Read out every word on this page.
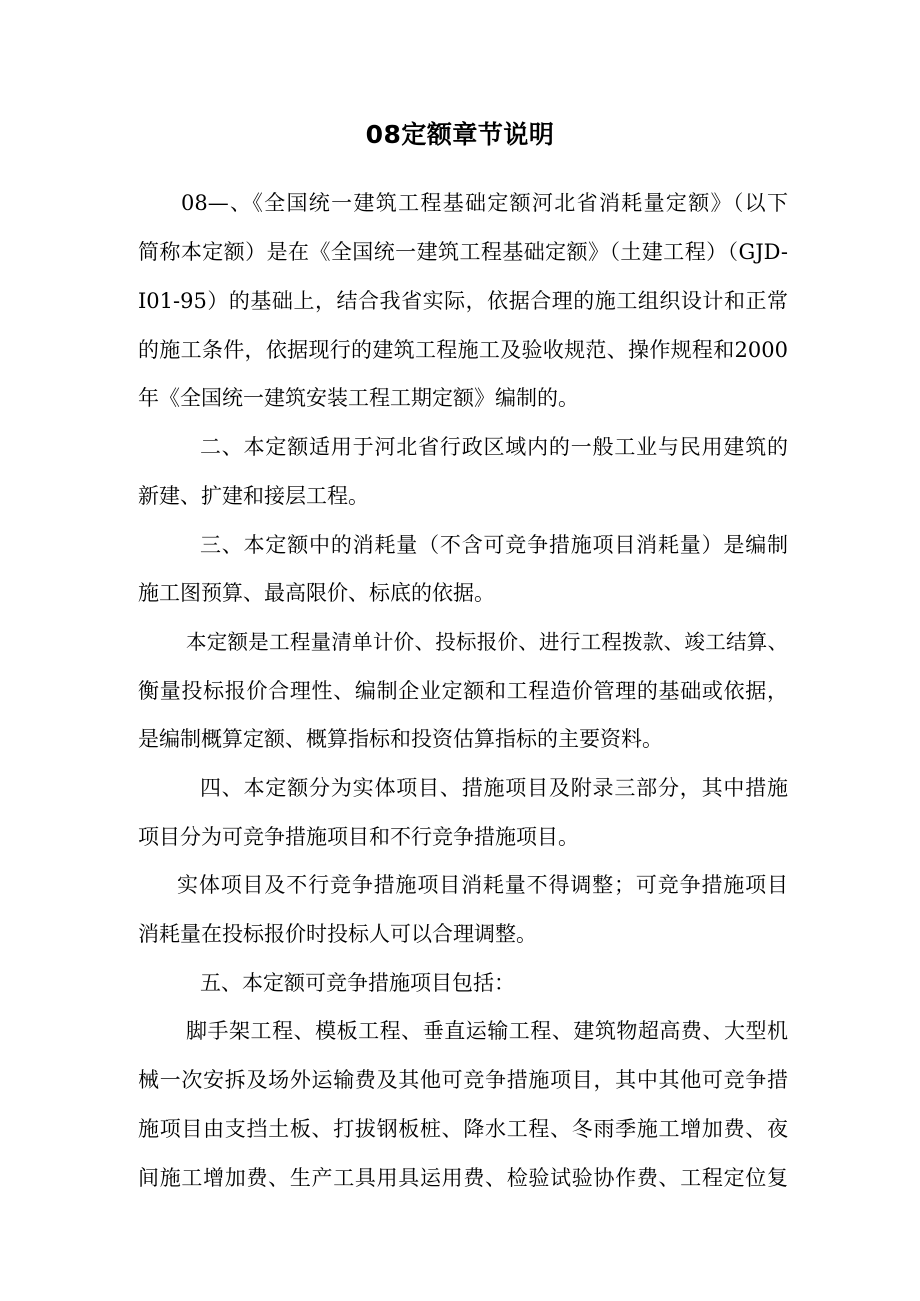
08定额章节说明
08—、《全国统一建筑工程基础定额河北省消耗量定额》（以下
简称本定额）是在《全国统一建筑工程基础定额》（土建工程）（GJD-
I01-95）的基础上，结合我省实际，依据合理的施工组织设计和正常
的施工条件，依据现行的建筑工程施工及验收规范、操作规程和2000
年《全国统一建筑安装工程工期定额》编制的。
二、本定额适用于河北省行政区域内的一般工业与民用建筑的
新建、扩建和接层工程。
三、本定额中的消耗量（不含可竞争措施项目消耗量）是编制
施工图预算、最高限价、标底的依据。
本定额是工程量清单计价、投标报价、进行工程拨款、竣工结算、
衡量投标报价合理性、编制企业定额和工程造价管理的基础或依据，
是编制概算定额、概算指标和投资估算指标的主要资料。
四、本定额分为实体项目、措施项目及附录三部分，其中措施
项目分为可竞争措施项目和不行竞争措施项目。
实体项目及不行竞争措施项目消耗量不得调整；可竞争措施项目
消耗量在投标报价时投标人可以合理调整。
五、本定额可竞争措施项目包括：
脚手架工程、模板工程、垂直运输工程、建筑物超高费、大型机
械一次安拆及场外运输费及其他可竞争措施项目，其中其他可竞争措
施项目由支挡土板、打拔钢板桩、降水工程、冬雨季施工增加费、夜
间施工增加费、生产工具用具运用费、检验试验协作费、工程定位复
